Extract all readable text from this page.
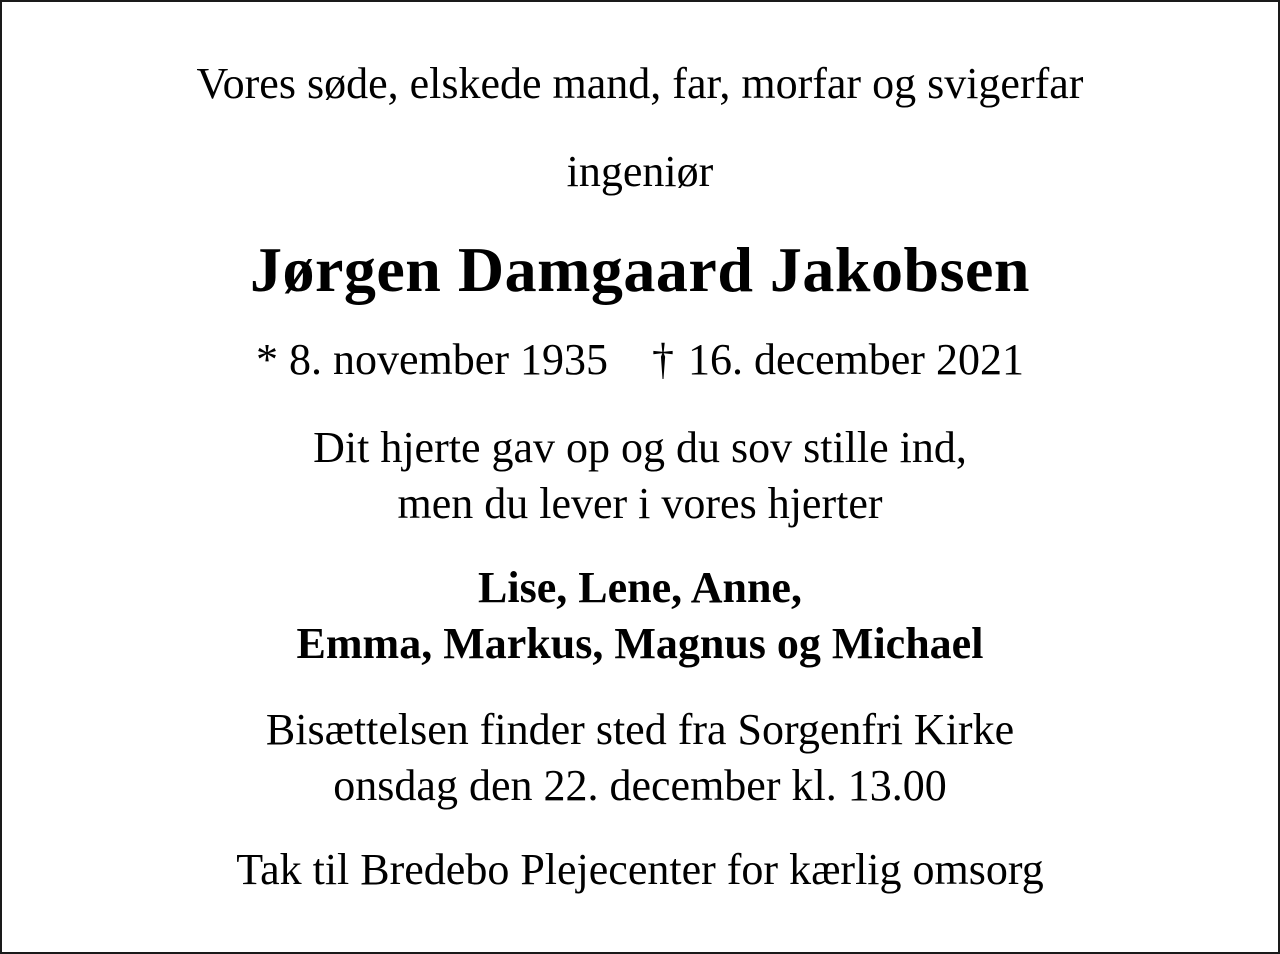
Vores søde, elskede mand, far, morfar og svigerfar
ingeniør
Jørgen Damgaard Jakobsen
* 8. november 1935 † 16. december 2021
Dit hjerte gav op og du sov stille ind,
men du lever i vores hjerter
Lise, Lene, Anne,
Emma, Markus, Magnus og Michael
Bisættelsen finder sted fra Sorgenfri Kirke
onsdag den 22. december kl. 13.00
Tak til Bredebo Plejecenter for kærlig omsorg
